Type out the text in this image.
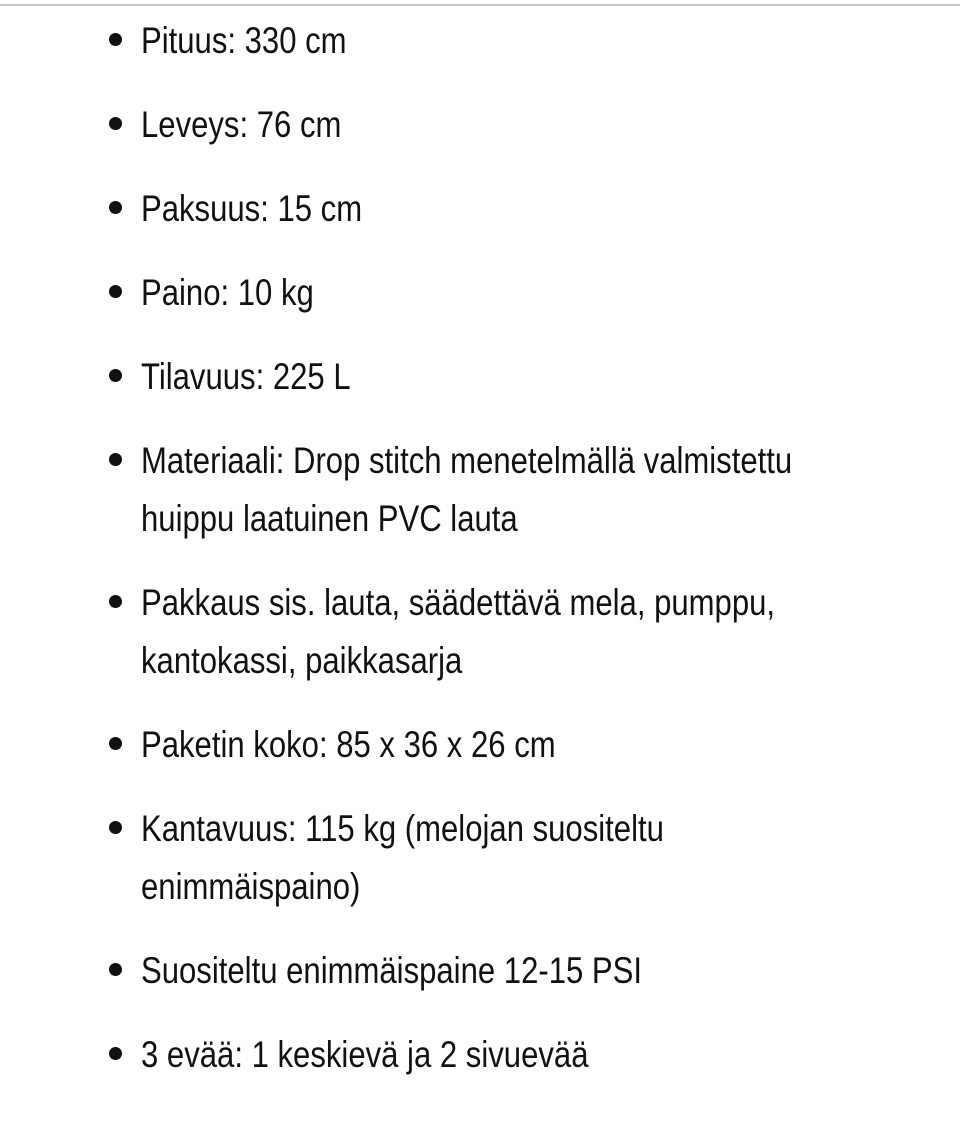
Pituus: 330 cm
Leveys: 76 cm
Paksuus: 15 cm
Paino: 10 kg
Tilavuus: 225 L
Materiaali: Drop stitch menetelmällä valmistettu
huippu laatuinen PVC lauta
Pakkaus sis. lauta, säädettävä mela, pumppu,
kantokassi, paikkasarja
Paketin koko: 85 x 36 x 26 cm
Kantavuus: 115 kg (melojan suositeltu
enimmäispaino)
Suositeltu enimmäispaine 12-15 PSI
3 evää: 1 keskievä ja 2 sivuevää
